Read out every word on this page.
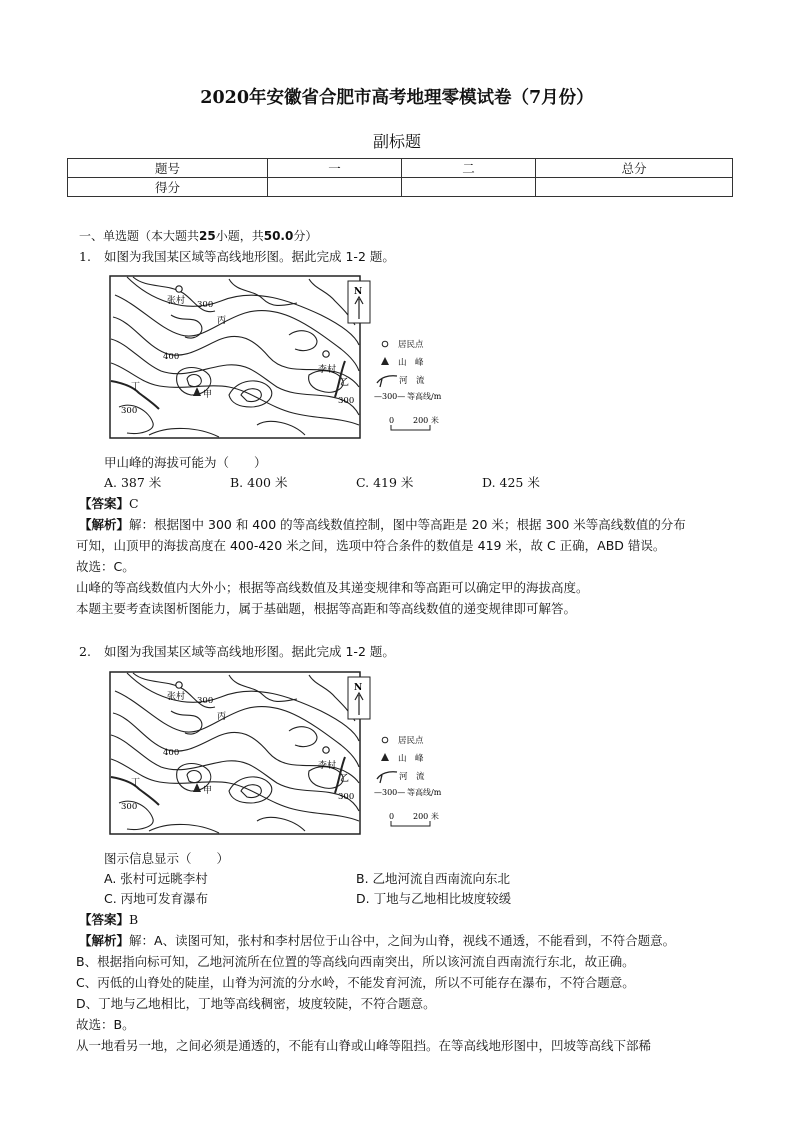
2020年安徽省合肥市高考地理零模试卷（7月份）
副标题
题号	一	二	总分
得分			
一、单选题（本大题共25小题，共50.0分）
1. 如图为我国某区域等高线地形图。据此完成 1-2 题。
张村
李村
丙
丁	乙
甲
300
400
300
300
N
居民点
山　峰
河　流
—300— 等高线/m
0 200 米
甲山峰的海拔可能为（　　）
A. 387 米	B. 400 米	C. 419 米	D. 425 米
【答案】C
【解析】解：根据图中 300 和 400 的等高线数值控制，图中等高距是 20 米；根据 300 米等高线数值的分布
可知，山顶甲的海拔高度在 400-420 米之间，选项中符合条件的数值是 419 米，故 C 正确，ABD 错误。
故选：C。
山峰的等高线数值内大外小；根据等高线数值及其递变规律和等高距可以确定甲的海拔高度。
本题主要考查读图析图能力，属于基础题，根据等高距和等高线数值的递变规律即可解答。
2. 如图为我国某区域等高线地形图。据此完成 1-2 题。
张村
李村
丙
丁	乙
甲
300
400
300
300
N
居民点
山　峰
河　流
—300— 等高线/m
0 200 米
图示信息显示（　　）
A. 张村可远眺李村	B. 乙地河流自西南流向东北
C. 丙地可发育瀑布	D. 丁地与乙地相比坡度较缓
【答案】B
【解析】解：A、读图可知，张村和李村居位于山谷中，之间为山脊，视线不通透，不能看到，不符合题意。
B、根据指向标可知，乙地河流所在位置的等高线向西南突出，所以该河流自西南流行东北，故正确。
C、丙低的山脊处的陡崖，山脊为河流的分水岭，不能发育河流，所以不可能存在瀑布，不符合题意。
D、丁地与乙地相比，丁地等高线稠密，坡度较陡，不符合题意。
故选：B。
从一地看另一地，之间必须是通透的，不能有山脊或山峰等阻挡。在等高线地形图中，凹坡等高线下部稀
